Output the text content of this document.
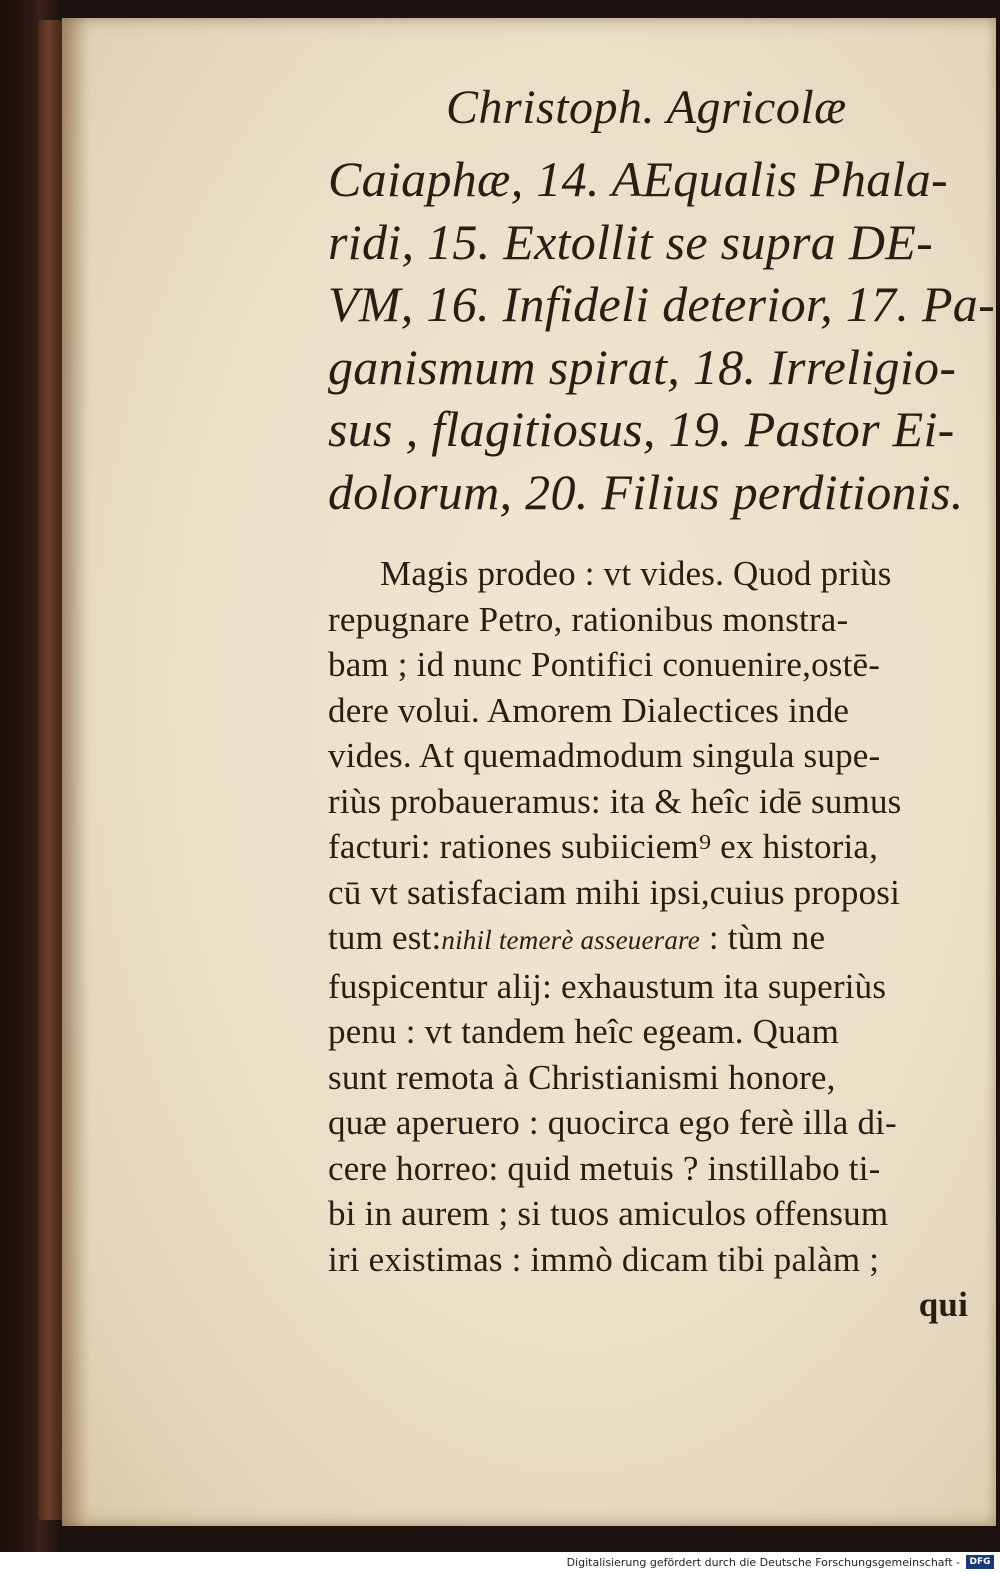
Christoph. Agricolæ
Caiaphæ, 14. AEqualis Phala-
ridi, 15. Extollit se supra DE-
VM, 16. Infideli deterior, 17. Pa-
ganismum spirat, 18. Irreligio-
sus , flagitiosus, 19. Pastor Ei-
dolorum, 20. Filius perditionis.
Magis prodeo : vt vides. Quod priùs
repugnare Petro, rationibus monstra-
bam ; id nunc Pontifici conuenire,ostē-
dere volui. Amorem Dialectices inde
vides. At quemadmodum singula supe-
riùs probaueramus: ita & heîc idē sumus
facturi: rationes subiiciem⁹ ex historia,
cū vt satisfaciam mihi ipsi,cuius proposi
tum est:nihil temerè asseuerare : tùm ne
fuspicentur alij: exhaustum ita superiùs
penu : vt tandem heîc egeam. Quam
sunt remota à Christianismi honore,
quæ aperuero : quocirca ego ferè illa di-
cere horreo: quid metuis ? instillabo ti-
bi in aurem ; si tuos amiculos offensum
iri existimas : immò dicam tibi palàm ;
qui
Digitalisierung gefördert durch die Deutsche Forschungsgemeinschaft -	DFG
